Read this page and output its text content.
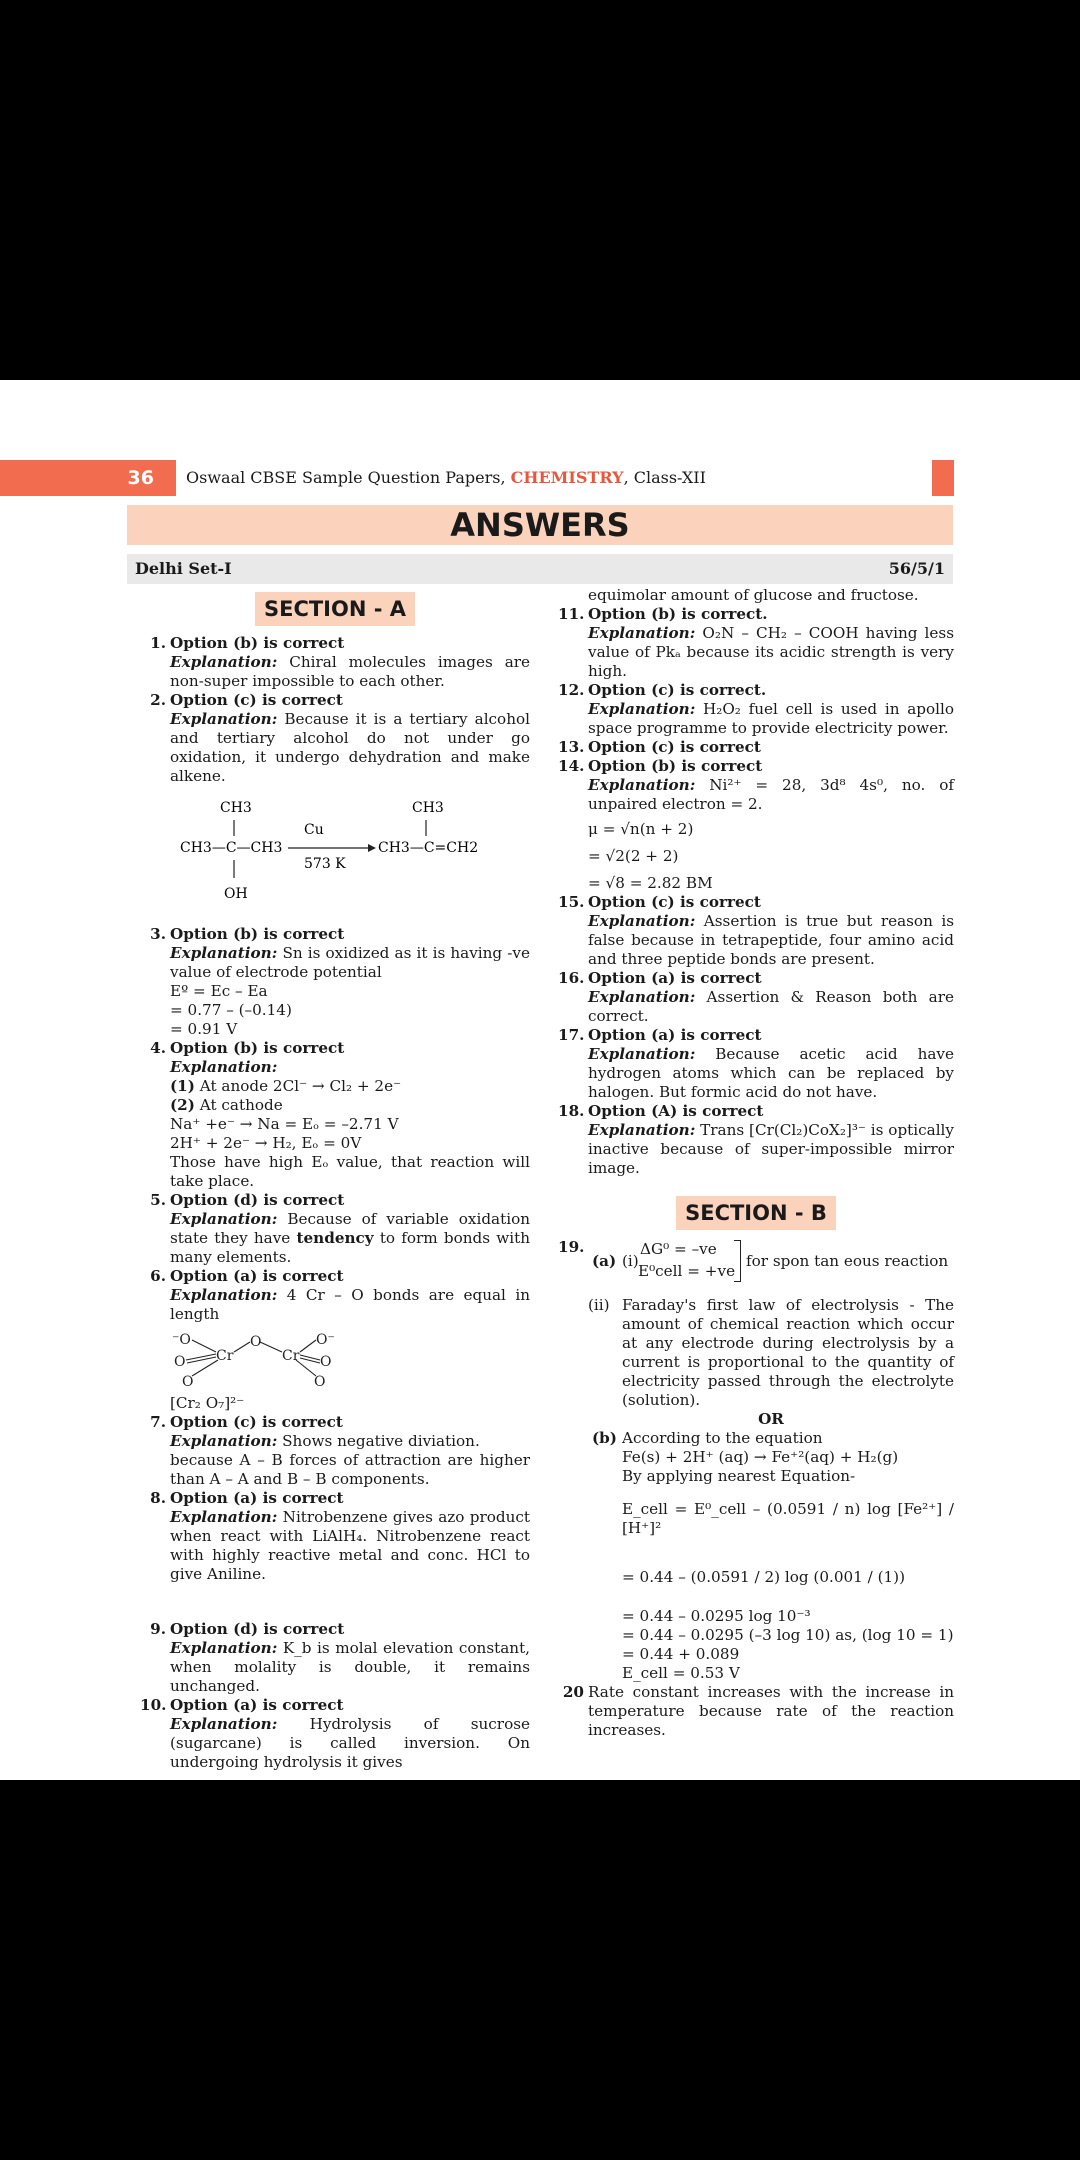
36	Oswaal CBSE Sample Question Papers, CHEMISTRY, Class-XII
ANSWERS
Delhi Set-I	56/5/1
SECTION - A
1. Option (b) is correct

Explanation: Chiral molecules images are non-super impossible to each other.

2. Option (c) is correct

Explanation: Because it is a tertiary alcohol and tertiary alcohol do not under go oxidation, it undergo dehydration and make alkene.

CH3
CH3—C—CH3
OH
Cu
573 K
CH3
CH3—C=CH2
3. Option (b) is correct

Explanation: Sn is oxidized as it is having -ve value of electrode potential

Eº = Ec – Ea

= 0.77 – (–0.14)

= 0.91 V

4. Option (b) is correct

Explanation:

(1) At anode 2Cl⁻ → Cl₂ + 2e⁻

(2) At cathode

Na⁺ +e⁻ → Na = Eₒ = –2.71 V

2H⁺ + 2e⁻ → H₂, Eₒ = 0V

Those have high Eₒ value, that reaction will take place.

5. Option (d) is correct

Explanation: Because of variable oxidation state they have tendency to form bonds with many elements.

6. Option (a) is correct

Explanation: 4 Cr – O bonds are equal in length

⁻O
O
O
Cr
O
Cr
O⁻
O
O

[Cr₂ O₇]²⁻

7. Option (c) is correct

Explanation: Shows negative diviation.

because A – B forces of attraction are higher than A – A and B – B components.

8. Option (a) is correct

Explanation: Nitrobenzene gives azo product when react with LiAlH₄. Nitrobenzene react with highly reactive metal and conc. HCl to give Aniline.

9. Option (d) is correct

Explanation: K_b is molal elevation constant, when molality is double, it remains unchanged.

10. Option (a) is correct

Explanation: Hydrolysis of sucrose (sugarcane) is called inversion. On undergoing hydrolysis it gives

equimolar amount of glucose and fructose.

11. Option (b) is correct.

Explanation: O₂N – CH₂ – COOH having less value of Pkₐ because its acidic strength is very high.

12. Option (c) is correct.

Explanation: H₂O₂ fuel cell is used in apollo space programme to provide electricity power.

13. Option (c) is correct

14. Option (b) is correct

Explanation: Ni²⁺ = 28, 3d⁸ 4s⁰, no. of unpaired electron = 2.

μ = √n(n + 2)

= √2(2 + 2)

= √8 = 2.82 BM

15. Option (c) is correct

Explanation: Assertion is true but reason is false because in tetrapeptide, four amino acid and three peptide bonds are present.

16. Option (a) is correct

Explanation: Assertion & Reason both are correct.

17. Option (a) is correct

Explanation: Because acetic acid have hydrogen atoms which can be replaced by halogen. But formic acid do not have.

18. Option (A) is correct

Explanation: Trans [Cr(Cl₂)CoX₂]³⁻ is optically inactive because of super-impossible mirror image.

SECTION - B
19.
(a) (i)
ΔG⁰ = –ve
E⁰cell = +ve
for spon tan eous reaction
(ii) Faraday's first law of electrolysis - The amount of chemical reaction which occur at any electrode during electrolysis by a current is proportional to the quantity of electricity passed through the electrolyte (solution).

OR

(b) According to the equation

Fe(s) + 2H⁺ (aq) → Fe⁺²(aq) + H₂(g)

By applying nearest Equation-

E_cell = E⁰_cell – (0.0591 / n) log [Fe²⁺] / [H⁺]²

= 0.44 – (0.0591 / 2) log (0.001 / (1))

= 0.44 – 0.0295 log 10⁻³

= 0.44 – 0.0295 (–3 log 10) as, (log 10 = 1)

= 0.44 + 0.089

E_cell = 0.53 V

20 Rate constant increases with the increase in temperature because rate of the reaction increases.
